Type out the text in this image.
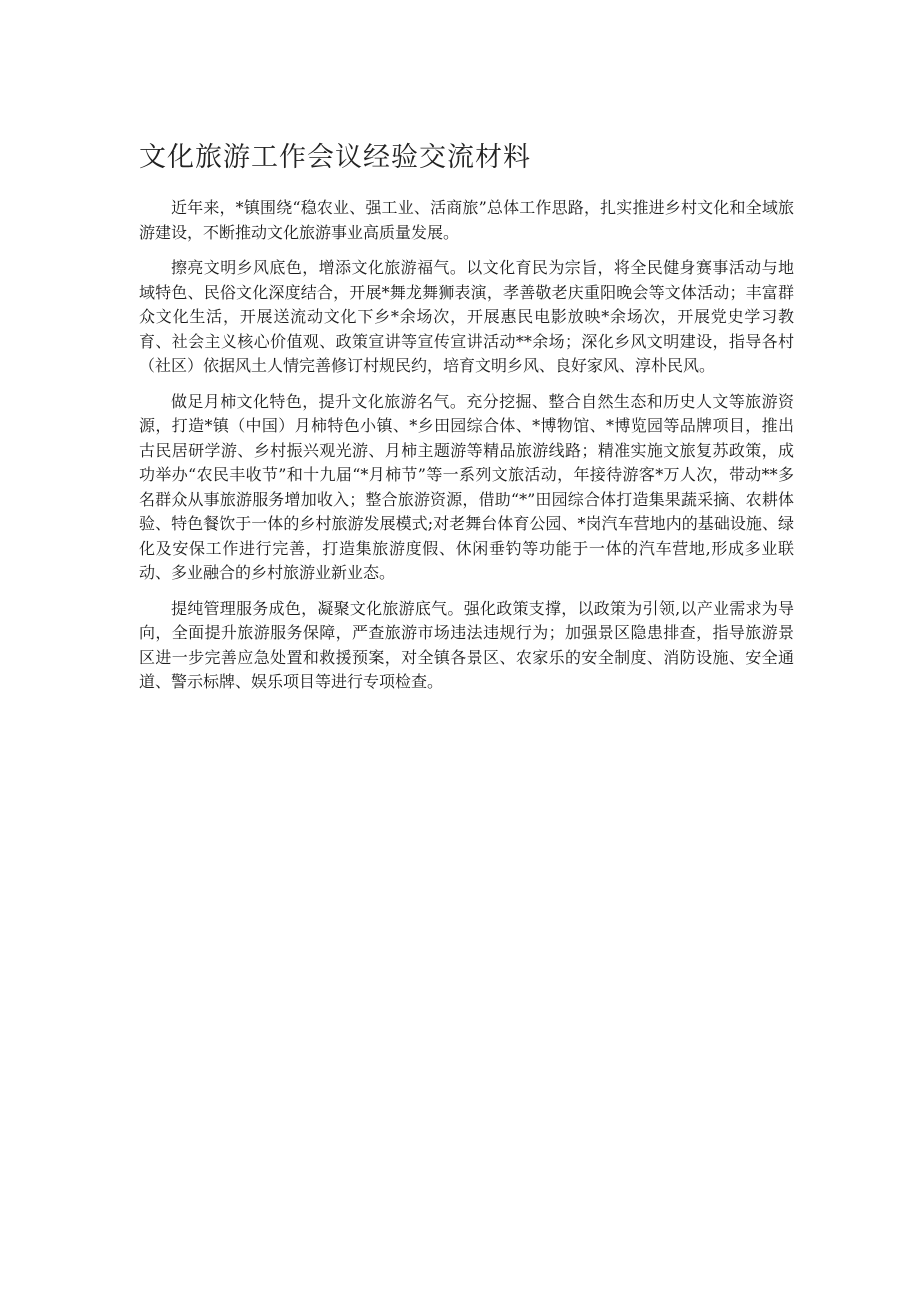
文化旅游工作会议经验交流材料

近年来，*镇围绕“稳农业、强工业、活商旅”总体工作思路，扎实推进乡村文化和全域旅游建设，不断推动文化旅游事业高质量发展。

擦亮文明乡风底色，增添文化旅游福气。以文化育民为宗旨，将全民健身赛事活动与地域特色、民俗文化深度结合，开展*舞龙舞狮表演，孝善敬老庆重阳晚会等文体活动；丰富群众文化生活，开展送流动文化下乡*余场次，开展惠民电影放映*余场次，开展党史学习教育、社会主义核心价值观、政策宣讲等宣传宣讲活动**余场；深化乡风文明建设，指导各村（社区）依据风土人情完善修订村规民约，培育文明乡风、良好家风、淳朴民风。

做足月柿文化特色，提升文化旅游名气。充分挖掘、整合自然生态和历史人文等旅游资源，打造*镇（中国）月柿特色小镇、*乡田园综合体、*博物馆、*博览园等品牌项目，推出古民居研学游、乡村振兴观光游、月柿主题游等精品旅游线路；精准实施文旅复苏政策，成功举办“农民丰收节”和十九届“*月柿节”等一系列文旅活动，年接待游客*万人次，带动**多名群众从事旅游服务增加收入；整合旅游资源，借助“*”田园综合体打造集果蔬采摘、农耕体验、特色餐饮于一体的乡村旅游发展模式;对老舞台体育公园、*岗汽车营地内的基础设施、绿化及安保工作进行完善，打造集旅游度假、休闲垂钓等功能于一体的汽车营地,形成多业联动、多业融合的乡村旅游业新业态。

提纯管理服务成色，凝聚文化旅游底气。强化政策支撑，以政策为引领,以产业需求为导向，全面提升旅游服务保障，严查旅游市场违法违规行为；加强景区隐患排查，指导旅游景区进一步完善应急处置和救援预案，对全镇各景区、农家乐的安全制度、消防设施、安全通道、警示标牌、娱乐项目等进行专项检查。
